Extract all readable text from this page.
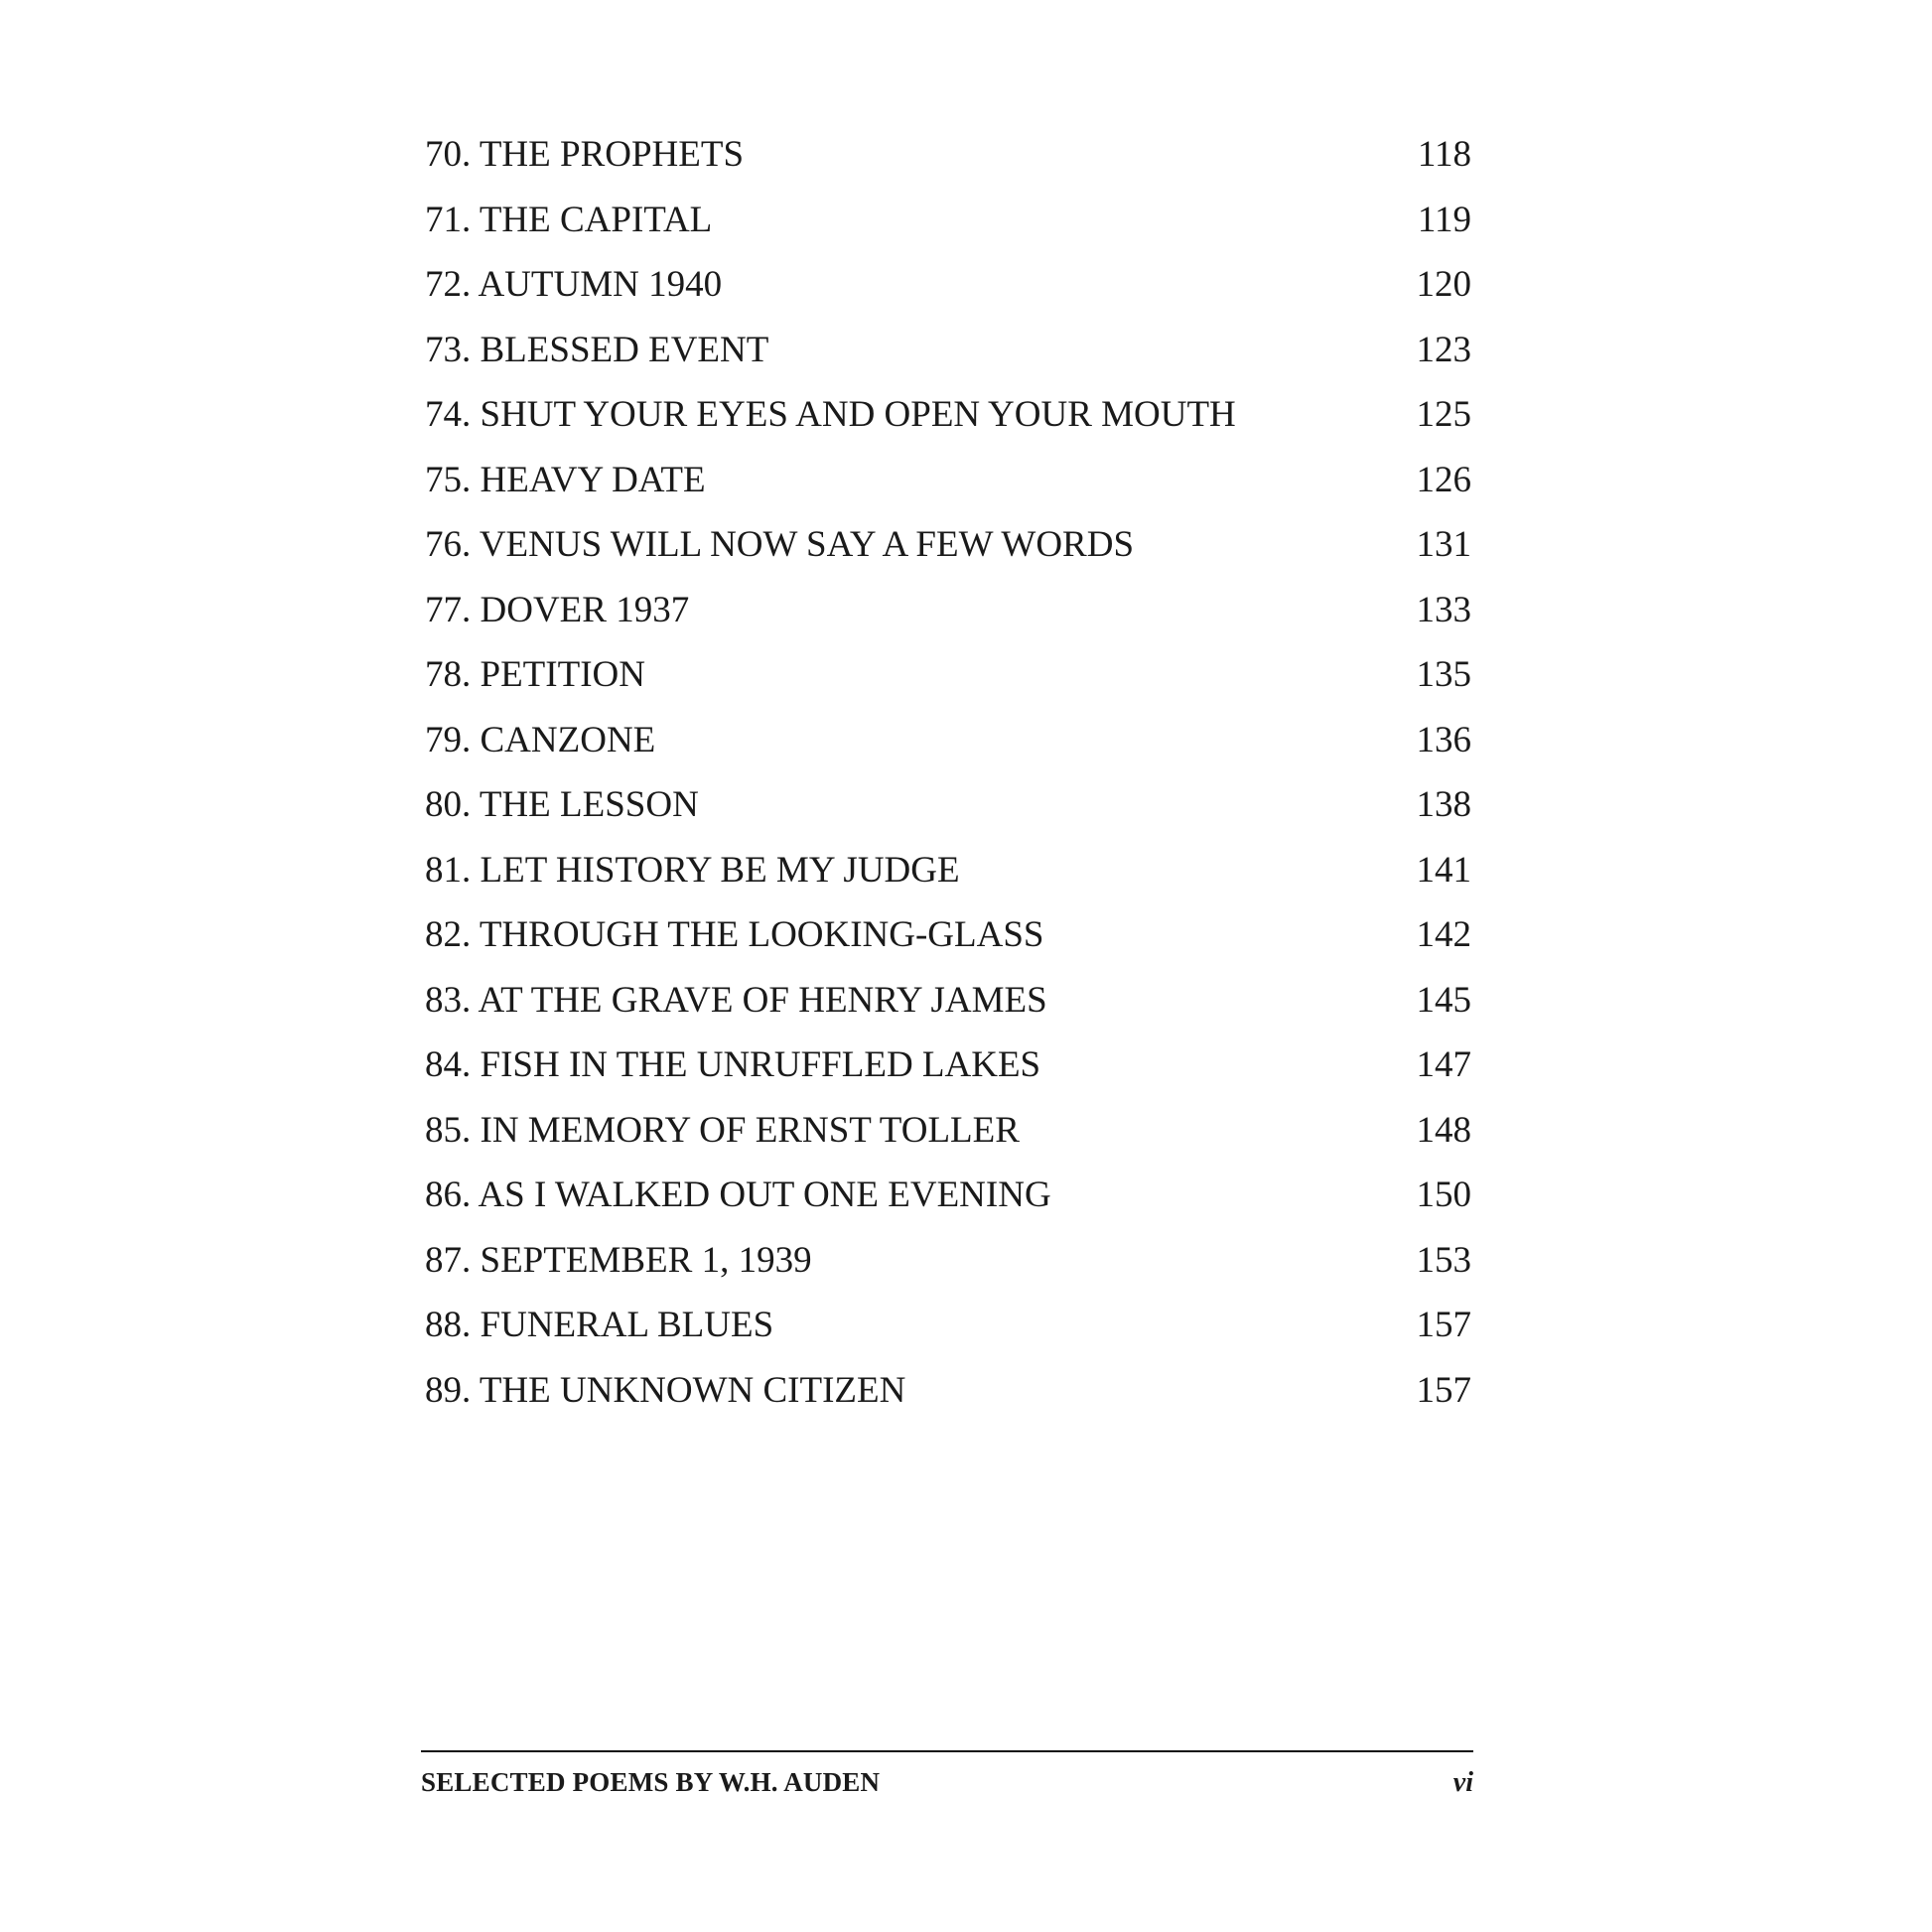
70. THE PROPHETS	118
71. THE CAPITAL	119
72. AUTUMN 1940	120
73. BLESSED EVENT	123
74. SHUT YOUR EYES AND OPEN YOUR MOUTH	125
75. HEAVY DATE	126
76. VENUS WILL NOW SAY A FEW WORDS	131
77. DOVER 1937	133
78. PETITION	135
79. CANZONE	136
80. THE LESSON	138
81. LET HISTORY BE MY JUDGE	141
82. THROUGH THE LOOKING-GLASS	142
83. AT THE GRAVE OF HENRY JAMES	145
84. FISH IN THE UNRUFFLED LAKES	147
85. IN MEMORY OF ERNST TOLLER	148
86. AS I WALKED OUT ONE EVENING	150
87. SEPTEMBER 1, 1939	153
88. FUNERAL BLUES	157
89. THE UNKNOWN CITIZEN	157
SELECTED POEMS BY W.H. AUDEN	vi
